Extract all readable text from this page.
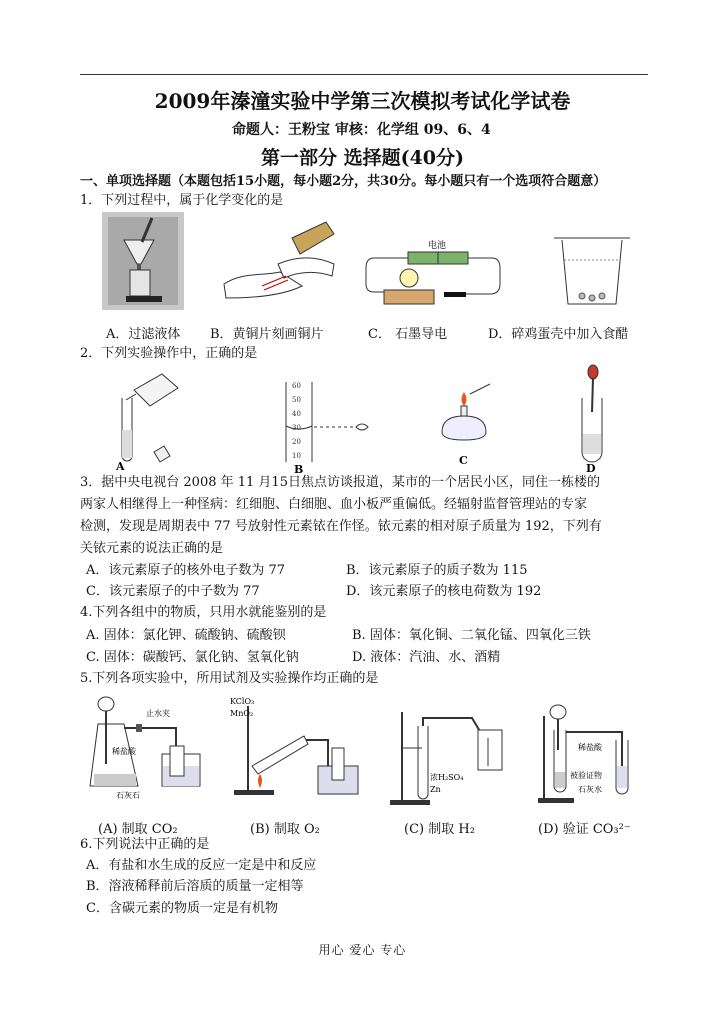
2009年溱潼实验中学第三次模拟考试化学试卷
命题人：王粉宝 审核：化学组 09、6、4
第一部分 选择题(40分)
一、单项选择题（本题包括15小题，每小题2分，共30分。每小题只有一个选项符合题意）
1．下列过程中，属于化学变化的是
电池
A．过滤液体 B．黄铜片刻画铜片	C． 石墨导电	D．碎鸡蛋壳中加入食醋
2．下列实验操作中，正确的是
A
60
50
40
30
20
10
B
C
D
3．据中央电视台 2008 年 11 月15日焦点访谈报道，某市的一个居民小区，同住一栋楼的
两家人相继得上一种怪病：红细胞、白细胞、血小板严重偏低。经辐射监督管理站的专家
检测，发现是周期表中 77 号放射性元素铱在作怪。铱元素的相对原子质量为 192，下列有
关铱元素的说法正确的是
A．该元素原子的核外电子数为 77	B．该元素原子的质子数为 115
C．该元素原子的中子数为 77	D．该元素原子的核电荷数为 192
4.下列各组中的物质，只用水就能鉴别的是
A. 固体：氯化钾、硫酸钠、硫酸钡	B. 固体：氧化铜、二氧化锰、四氧化三铁
C. 固体：碳酸钙、氯化钠、氢氧化钠	D. 液体：汽油、水、酒精
5.下列各项实验中，所用试剂及实验操作均正确的是
止水夹
稀盐酸
石灰石
KClO₃
MnO₂
浓H₂SO₄
Zn
稀盐酸
被验证物
石灰水
(A) 制取 CO₂	(B) 制取 O₂	(C) 制取 H₂	(D) 验证 CO₃²⁻
6.下列说法中正确的是
A．有盐和水生成的反应一定是中和反应
B．溶液稀释前后溶质的质量一定相等
C．含碳元素的物质一定是有机物
用心 爱心 专心
